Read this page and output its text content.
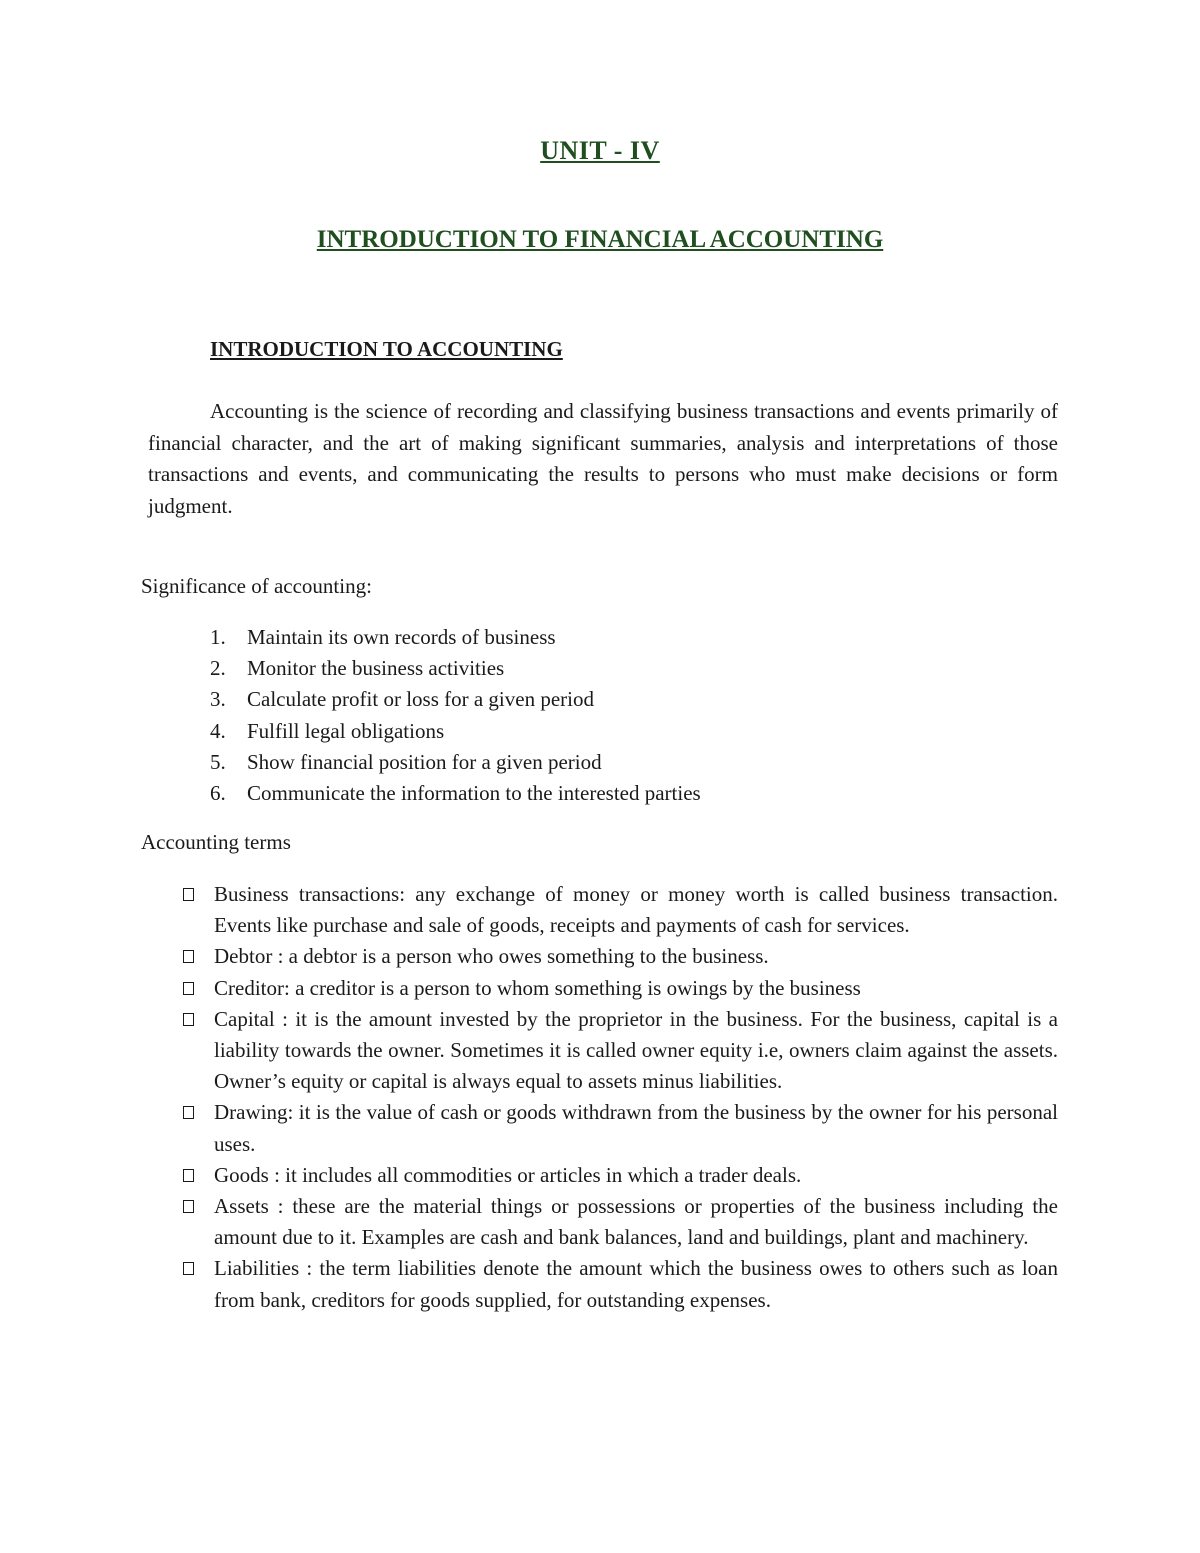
UNIT - IV
INTRODUCTION TO FINANCIAL ACCOUNTING
INTRODUCTION TO ACCOUNTING
Accounting is the science of recording and classifying business transactions and events primarily of financial character, and the art of making significant summaries, analysis and interpretations of those transactions and events, and communicating the results to persons who must make decisions or form judgment.
Significance of accounting:
1. Maintain its own records of business
2. Monitor the business activities
3. Calculate profit or loss for a given period
4. Fulfill legal obligations
5. Show financial position for a given period
6. Communicate the information to the interested parties
Accounting terms
Business transactions: any exchange of money or money worth is called business transaction. Events like purchase and sale of goods, receipts and payments of cash for services.
Debtor : a debtor is a person who owes something to the business.
Creditor: a creditor is a person to whom something is owings by the business
Capital : it is the amount invested by the proprietor in the business. For the business, capital is a liability towards the owner. Sometimes it is called owner equity i.e, owners claim against the assets. Owner’s equity or capital is always equal to assets minus liabilities.
Drawing: it is the value of cash or goods withdrawn from the business by the owner for his personal uses.
Goods : it includes all commodities or articles in which a trader deals.
Assets : these are the material things or possessions or properties of the business including the amount due to it. Examples are cash and bank balances, land and buildings, plant and machinery.
Liabilities : the term liabilities denote the amount which the business owes to others such as loan from bank, creditors for goods supplied, for outstanding expenses.
